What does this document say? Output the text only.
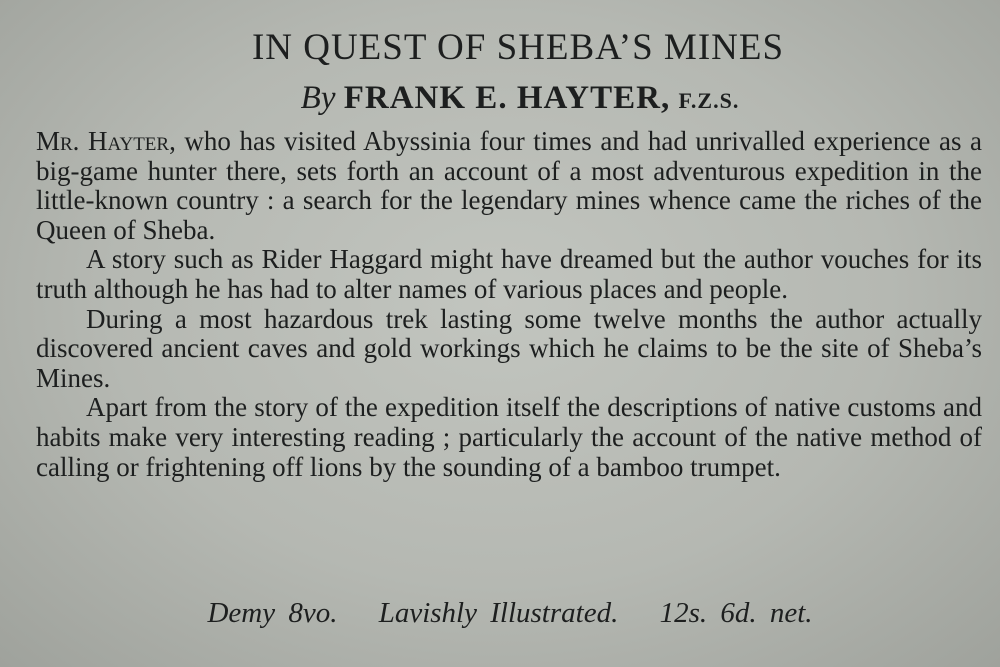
IN QUEST OF SHEBA’S MINES
By FRANK E. HAYTER, F.Z.S.

Mr. Hayter, who has visited Abyssinia four times and had unrivalled experience as a big-game hunter there, sets forth an account of a most adventurous expedition in the little-known country : a search for the legendary mines whence came the riches of the Queen of Sheba.

A story such as Rider Haggard might have dreamed but the author vouches for its truth although he has had to alter names of various places and people.

During a most hazardous trek lasting some twelve months the author actually discovered ancient caves and gold workings which he claims to be the site of Sheba’s Mines.

Apart from the story of the expedition itself the descriptions of native customs and habits make very interesting reading ; particularly the account of the native method of calling or frightening off lions by the sounding of a bamboo trumpet.

Demy 8vo. Lavishly Illustrated. 12s. 6d. net.
